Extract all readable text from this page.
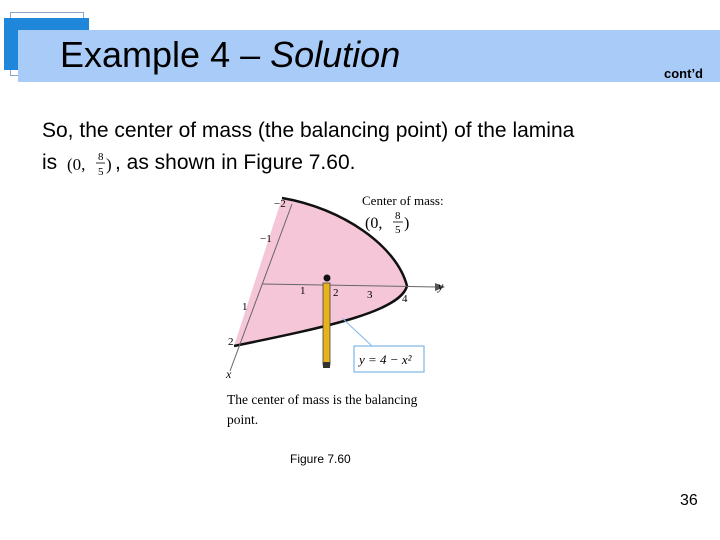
Example 4 – Solution	cont’d
So, the center of mass (the balancing point) of the lamina
is (0, 8
5 ) , as shown in Figure 7.60.
1	2	3	4
y
−2
−1
1
2
x
Center of mass:
(0, 8
5 )
y = 4 − x²
The center of mass is the balancing
point.
Figure 7.60
36
